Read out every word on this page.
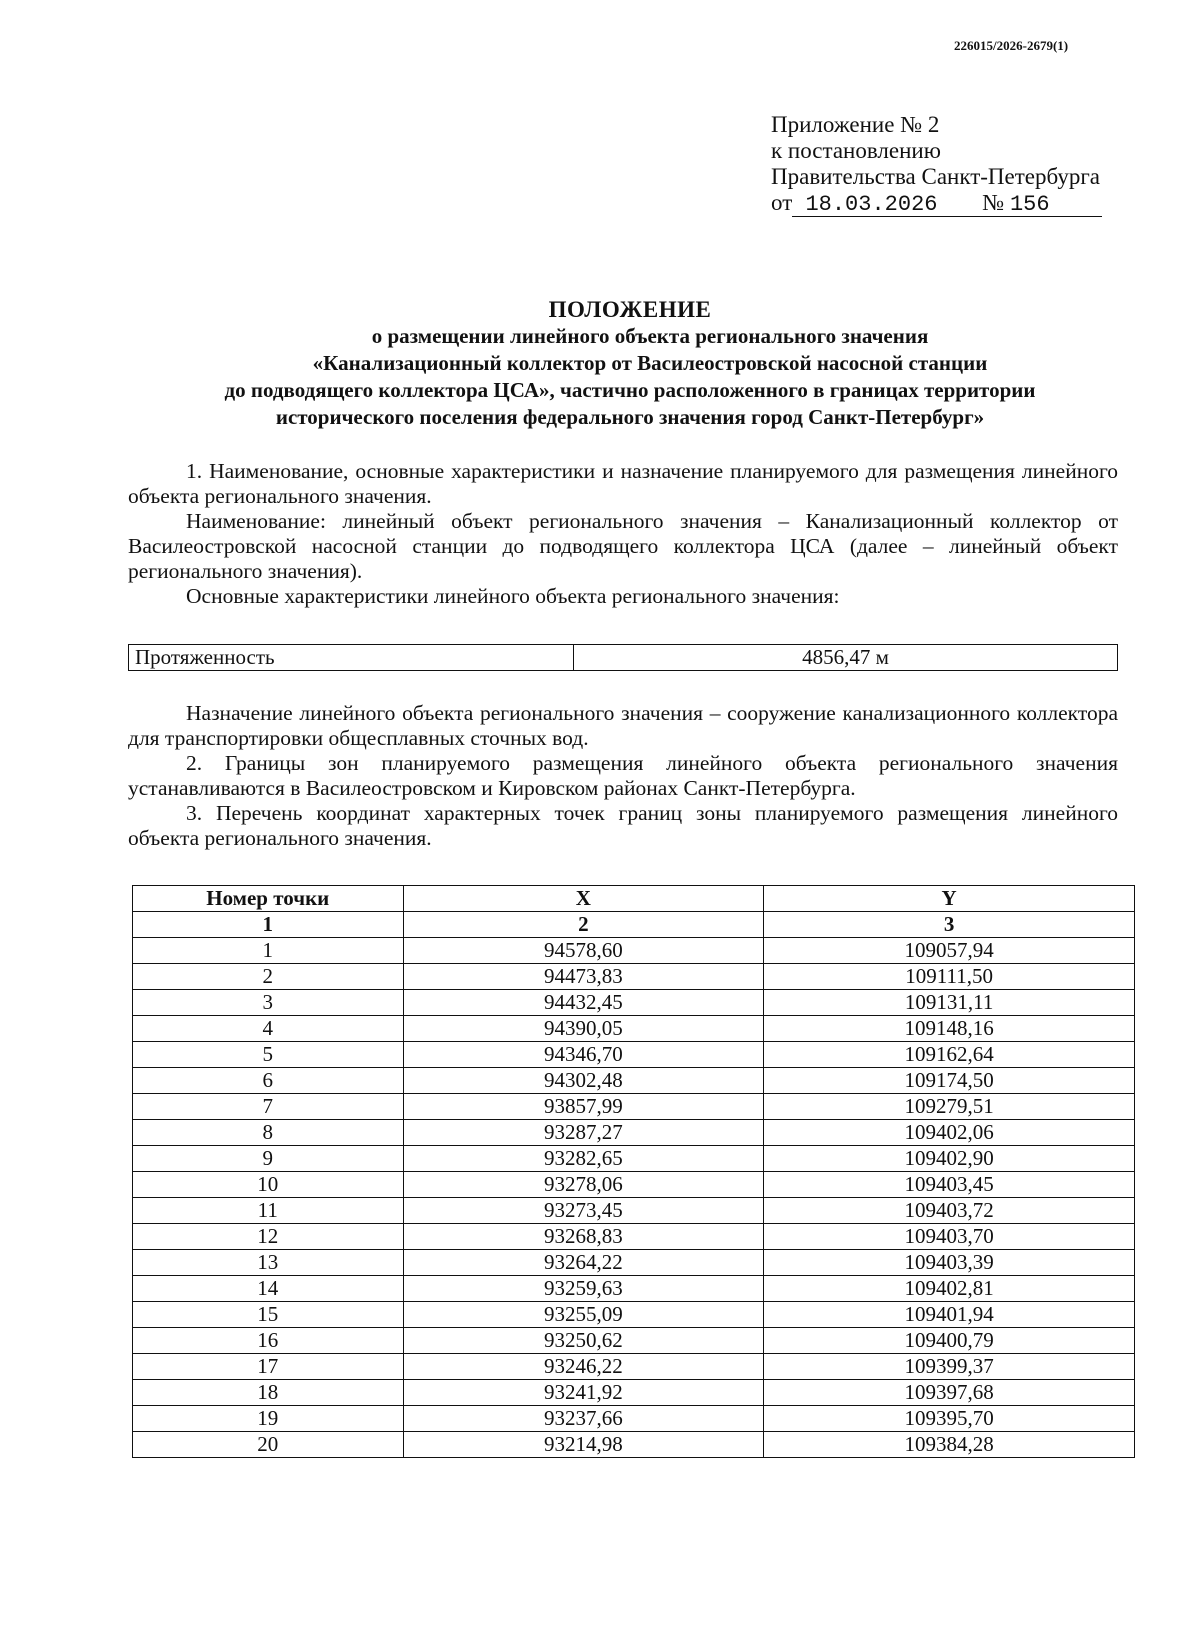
226015/2026-2679(1)
Приложение № 2
к постановлению
Правительства Санкт-Петербурга
от 18.03.2026 № 156
ПОЛОЖЕНИЕ
о размещении линейного объекта регионального значения
«Канализационный коллектор от Василеостровской насосной станции
до подводящего коллектора ЦСА», частично расположенного в границах территории
исторического поселения федерального значения город Санкт-Петербург»

1. Наименование, основные характеристики и назначение планируемого для размещения линейного объекта регионального значения.

Наименование: линейный объект регионального значения – Канализационный коллектор от Василеостровской насосной станции до подводящего коллектора ЦСА (далее – линейный объект регионального значения).

Основные характеристики линейного объекта регионального значения:

Протяженность	4856,47 м

Назначение линейного объекта регионального значения – сооружение канализационного коллектора для транспортировки общесплавных сточных вод.

2. Границы зон планируемого размещения линейного объекта регионального значения устанавливаются в Василеостровском и Кировском районах Санкт-Петербурга.

3. Перечень координат характерных точек границ зоны планируемого размещения линейного объекта регионального значения.

Номер точки	X	Y
1	2	3
1	94578,60	109057,94
2	94473,83	109111,50
3	94432,45	109131,11
4	94390,05	109148,16
5	94346,70	109162,64
6	94302,48	109174,50
7	93857,99	109279,51
8	93287,27	109402,06
9	93282,65	109402,90
10	93278,06	109403,45
11	93273,45	109403,72
12	93268,83	109403,70
13	93264,22	109403,39
14	93259,63	109402,81
15	93255,09	109401,94
16	93250,62	109400,79
17	93246,22	109399,37
18	93241,92	109397,68
19	93237,66	109395,70
20	93214,98	109384,28
